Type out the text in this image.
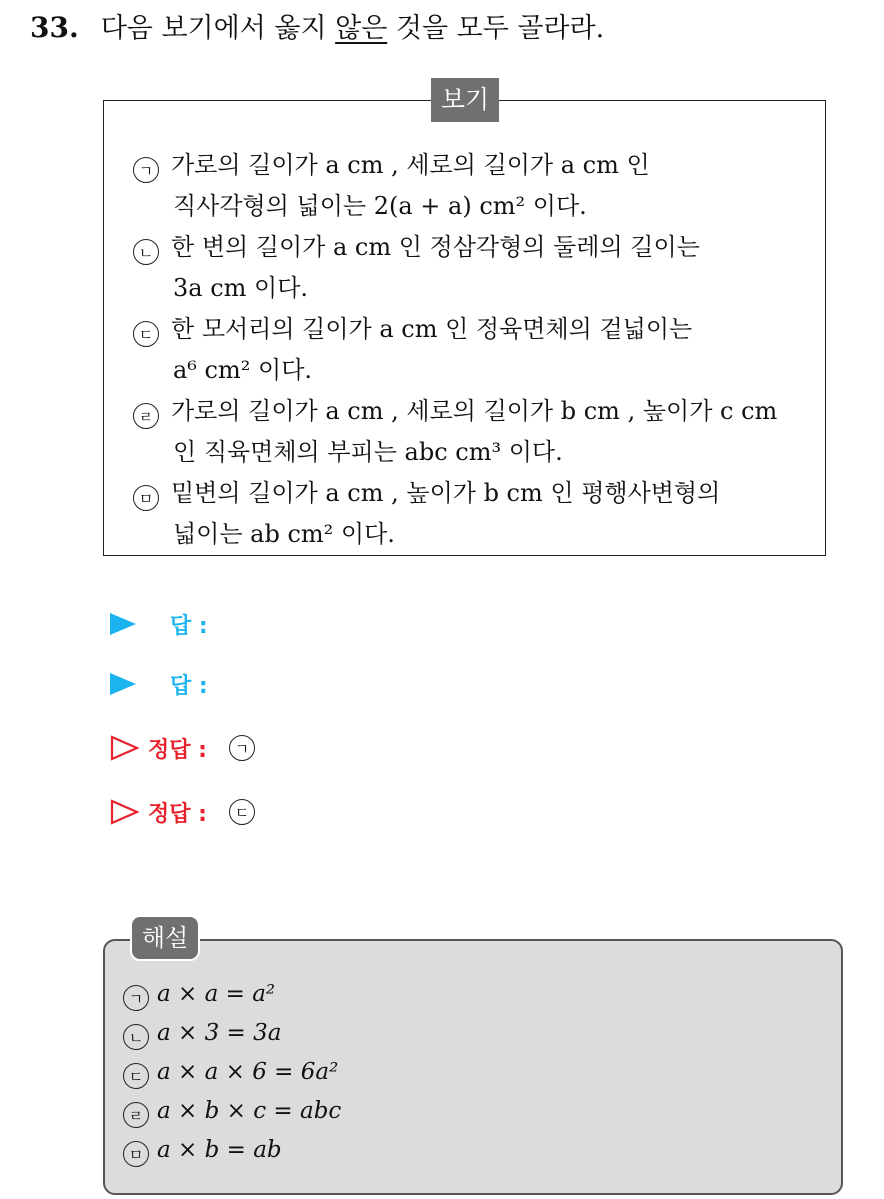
33. 다음 보기에서 옳지 않은 것을 모두 골라라.
보기
ㄱ 가로의 길이가 a cm , 세로의 길이가 a cm 인
직사각형의 넓이는 2(a + a) cm² 이다.
ㄴ 한 변의 길이가 a cm 인 정삼각형의 둘레의 길이는
3a cm 이다.
ㄷ 한 모서리의 길이가 a cm 인 정육면체의 겉넓이는
a⁶ cm² 이다.
ㄹ 가로의 길이가 a cm , 세로의 길이가 b cm , 높이가 c cm
인 직육면체의 부피는 abc cm³ 이다.
ㅁ 밑변의 길이가 a cm , 높이가 b cm 인 평행사변형의
넓이는 ab cm² 이다.
답 :
답 :
정답 :	ㄱ
정답 :	ㄷ
해설
ㄱ a × a = a²
ㄴ a × 3 = 3a
ㄷ a × a × 6 = 6a²
ㄹ a × b × c = abc
ㅁ a × b = ab
